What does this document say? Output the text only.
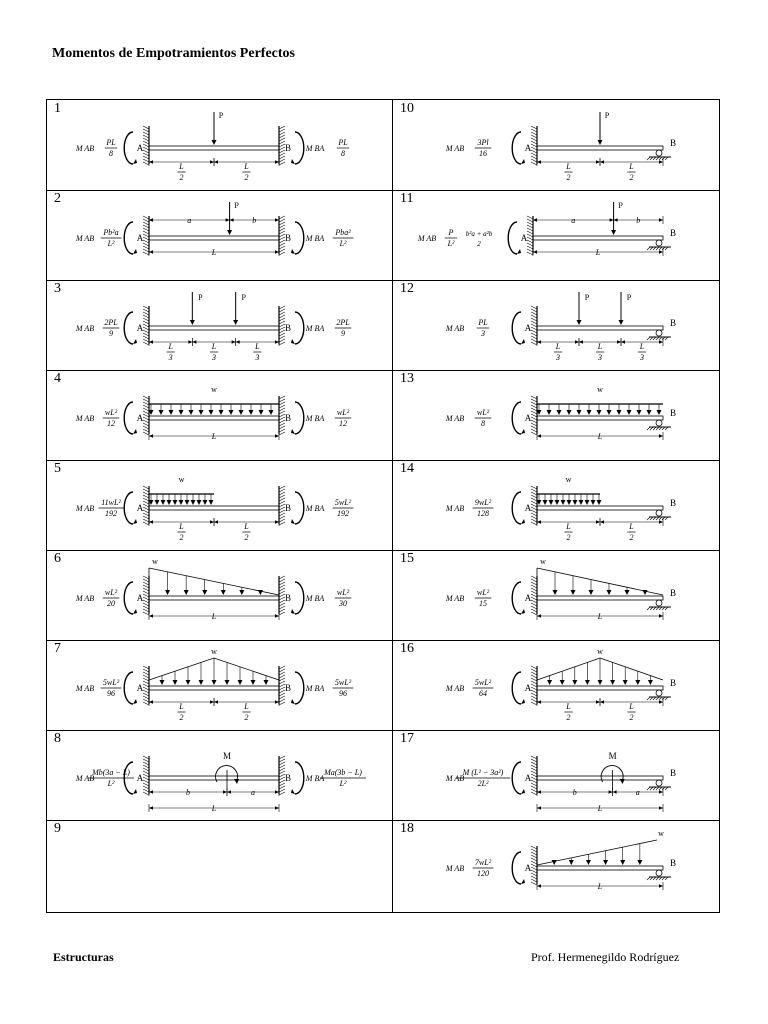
Momentos de Empotramientos Perfectos
1
M AB
PL
8
M BA
PL
8
A	B
P
L
2
L
2
10
M AB
3Pl
16
A	B
P
L
2
L
2
2
M AB
Pb²a
L²
M BA
Pba²
L²
A	B
P
a	b
L
11
M AB
P
L²
b²a + a²b
2
A	B
P
a	b
L
3
M AB
2PL
9
M BA
2PL
9
A	B
P	P
L
3
L
3
L
3
12
M AB
PL
3
A	B
P	P
L
3
L
3
L
3
4
M AB
wL²
12
M BA
wL²
12
A	B
w
L
13
M AB
wL²
8
A	B
w
L
5
M AB
11wL²
192
M BA
5wL²
192
A	B
w
L
2
L
2
14
M AB
9wL²
128
A	B
w
L
2
L
2
6
M AB
wL²
20
M BA
wL²
30
A	B
w
L
15
M AB
wL²
15
A	B
w
L
7
M AB
5wL²
96
M BA
5wL²
96
A	B
w
L
2
L
2
16
M AB
5wL²
64
A	B
w
L
2
L
2
8
M AB
Mb(3a − L)
L²
M BA
Ma(3b − L)
L²
A	B
M
b	a
L
17
M AB
M (L² − 3a²)
2L²
A	B
M
b	a
L
9	18
M AB
7wL²
120
A	B
w
L
Estructuras	Prof. Hermenegildo Rodríguez
